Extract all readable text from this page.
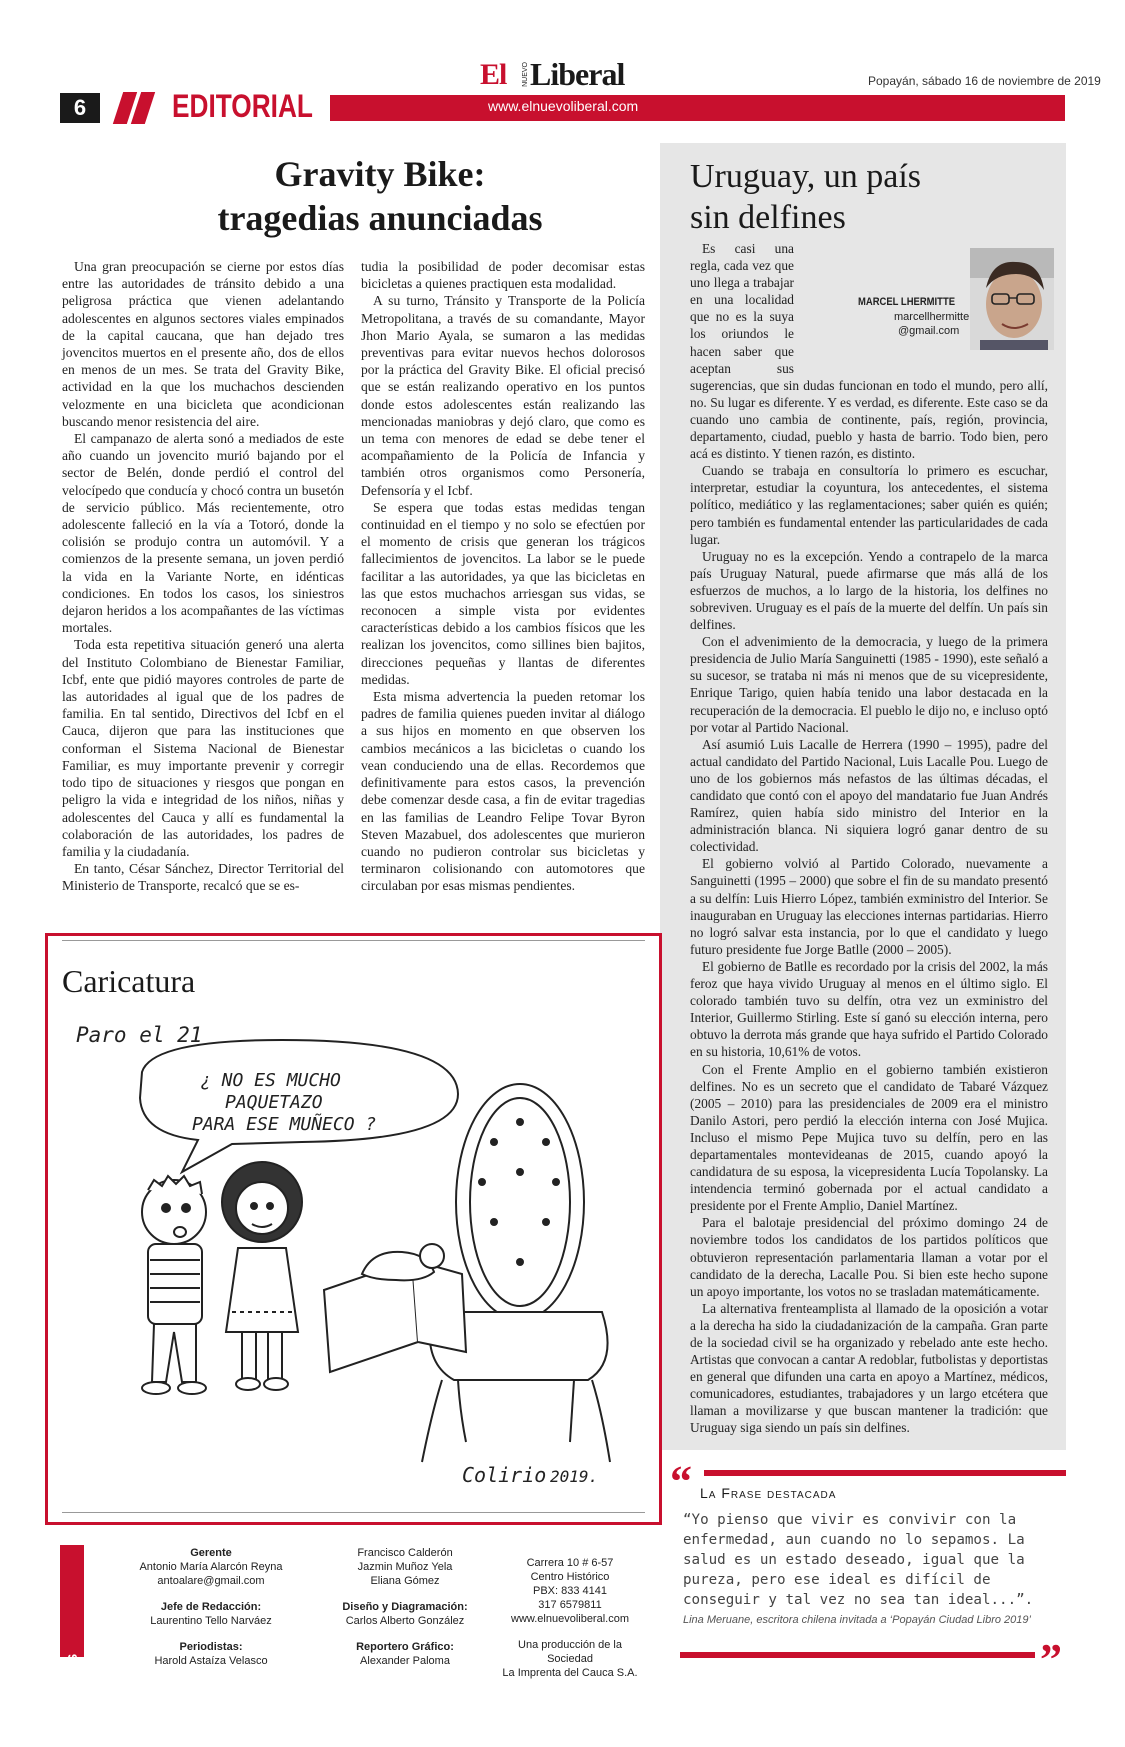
6	EDITORIAL
El NUEVO Liberal
www.elnuevoliberal.com
Popayán, sábado 16 de noviembre de 2019
Gravity Bike:
tragedias anunciadas

Una gran preocupación se cierne por estos días entre las autoridades de tránsito debido a una peligrosa práctica que vienen adelantando adolescentes en algunos sectores viales empinados de la capital caucana, que han dejado tres jovencitos muertos en el presente año, dos de ellos en menos de un mes. Se trata del Gravity Bike, actividad en la que los muchachos descienden velozmente en una bicicleta que acondicionan buscando menor resistencia del aire.

El campanazo de alerta sonó a mediados de este año cuando un jovencito murió bajando por el sector de Belén, donde perdió el control del velocípedo que conducía y chocó contra un busetón de servicio público. Más recientemente, otro adolescente falleció en la vía a Totoró, donde la colisión se produjo contra un automóvil. Y a comienzos de la presente semana, un joven perdió la vida en la Variante Norte, en idénticas condiciones. En todos los casos, los siniestros dejaron heridos a los acompañantes de las víctimas mortales.

Toda esta repetitiva situación generó una alerta del Instituto Colombiano de Bienestar Familiar, Icbf, ente que pidió mayores controles de parte de las autoridades al igual que de los padres de familia. En tal sentido, Directivos del Icbf en el Cauca, dijeron que para las instituciones que conforman el Sistema Nacional de Bienestar Familiar, es muy importante prevenir y corregir todo tipo de situaciones y riesgos que pongan en peligro la vida e integridad de los niños, niñas y adolescentes del Cauca y allí es fundamental la colaboración de las autoridades, los padres de familia y la ciudadanía.

En tanto, César Sánchez, Director Territorial del Ministerio de Transporte, recalcó que se es-

tudia la posibilidad de poder decomisar estas bicicletas a quienes practiquen esta modalidad.

A su turno, Tránsito y Transporte de la Policía Metropolitana, a través de su comandante, Mayor Jhon Mario Ayala, se sumaron a las medidas preventivas para evitar nuevos hechos dolorosos por la práctica del Gravity Bike. El oficial precisó que se están realizando operativo en los puntos donde estos adolescentes están realizando las mencionadas maniobras y dejó claro, que como es un tema con menores de edad se debe tener el acompañamiento de la Policía de Infancia y también otros organismos como Personería, Defensoría y el Icbf.

Se espera que todas estas medidas tengan continuidad en el tiempo y no solo se efectúen por el momento de crisis que generan los trágicos fallecimientos de jovencitos. La labor se le puede facilitar a las autoridades, ya que las bicicletas en las que estos muchachos arriesgan sus vidas, se reconocen a simple vista por evidentes características debido a los cambios físicos que les realizan los jovencitos, como sillines bien bajitos, direcciones pequeñas y llantas de diferentes medidas.

Esta misma advertencia la pueden retomar los padres de familia quienes pueden invitar al diálogo a sus hijos en momento en que observen los cambios mecánicos a las bicicletas o cuando los vean conduciendo una de ellas. Recordemos que definitivamente para estos casos, la prevención debe comenzar desde casa, a fin de evitar tragedias en las familias de Leandro Felipe Tovar Byron Steven Mazabuel, dos adolescentes que murieron cuando no pudieron controlar sus bicicletas y terminaron colisionando con automotores que circulaban por esas mismas pendientes.

Uruguay, un país
sin delfines

Es casi una regla, cada vez que uno llega a trabajar en una localidad que no es la suya los oriundos le hacen saber que aceptan sus sugerencias, que sin dudas funcionan en todo el mundo, pero allí, no. Su lugar es diferente. Y es verdad, es diferente. Este caso se da cuando uno cambia de continente, país, región, provincia, departamento, ciudad, pueblo y hasta de barrio. Todo bien, pero acá es distinto. Y tienen razón, es distinto.

Cuando se trabaja en consultoría lo primero es escuchar, interpretar, estudiar la coyuntura, los antecedentes, el sistema político, mediático y las reglamentaciones; saber quién es quién; pero también es fundamental entender las particularidades de cada lugar.

Uruguay no es la excepción. Yendo a contrapelo de la marca país Uruguay Natural, puede afirmarse que más allá de los esfuerzos de muchos, a lo largo de la historia, los delfines no sobreviven. Uruguay es el país de la muerte del delfín. Un país sin delfines.

Con el advenimiento de la democracia, y luego de la primera presidencia de Julio María Sanguinetti (1985 - 1990), este señaló a su sucesor, se trataba ni más ni menos que de su vicepresidente, Enrique Tarigo, quien había tenido una labor destacada en la recuperación de la democracia. El pueblo le dijo no, e incluso optó por votar al Partido Nacional.

Así asumió Luis Lacalle de Herrera (1990 – 1995), padre del actual candidato del Partido Nacional, Luis Lacalle Pou. Luego de uno de los gobiernos más nefastos de las últimas décadas, el candidato que contó con el apoyo del mandatario fue Juan Andrés Ramírez, quien había sido ministro del Interior en la administración blanca. Ni siquiera logró ganar dentro de su colectividad.

El gobierno volvió al Partido Colorado, nuevamente a Sanguinetti (1995 – 2000) que sobre el fin de su mandato presentó a su delfín: Luis Hierro López, también exministro del Interior. Se inauguraban en Uruguay las elecciones internas partidarias. Hierro no logró salvar esta instancia, por lo que el candidato y luego futuro presidente fue Jorge Batlle (2000 – 2005).

El gobierno de Batlle es recordado por la crisis del 2002, la más feroz que haya vivido Uruguay al menos en el último siglo. El colorado también tuvo su delfín, otra vez un exministro del Interior, Guillermo Stirling. Este sí ganó su elección interna, pero obtuvo la derrota más grande que haya sufrido el Partido Colorado en su historia, 10,61% de votos.

Con el Frente Amplio en el gobierno también existieron delfines. No es un secreto que el candidato de Tabaré Vázquez (2005 – 2010) para las presidenciales de 2009 era el ministro Danilo Astori, pero perdió la elección interna con José Mujica. Incluso el mismo Pepe Mujica tuvo su delfín, pero en las departamentales montevideanas de 2015, cuando apoyó la candidatura de su esposa, la vicepresidenta Lucía Topolansky. La intendencia terminó gobernada por el actual candidato a presidente por el Frente Amplio, Daniel Martínez.

Para el balotaje presidencial del próximo domingo 24 de noviembre todos los candidatos de los partidos políticos que obtuvieron representación parlamentaria llaman a votar por el candidato de la derecha, Lacalle Pou. Si bien este hecho supone un apoyo importante, los votos no se trasladan matemáticamente.

La alternativa frenteamplista al llamado de la oposición a votar a la derecha ha sido la ciudadanización de la campaña. Gran parte de la sociedad civil se ha organizado y rebelado ante este hecho. Artistas que convocan a cantar A redoblar, futbolistas y deportistas en general que difunden una carta en apoyo a Martínez, médicos, comunicadores, estudiantes, trabajadores y un largo etcétera que llaman a movilizarse y que buscan mantener la tradición: que Uruguay siga siendo un país sin delfines.

MARCEL LHERMITTE
marcellhermitte
@gmail.com
“ La Frase destacada
“Yo pienso que vivir es convivir con la enfermedad, aun cuando no lo sepamos. La salud es un estado deseado, igual que la pureza, pero ese ideal es difícil de conseguir y tal vez no sea tan ideal...”.
Lina Meruane, escritora chilena invitada a ‘Popayán Ciudad Libro 2019’
”
Caricatura
Paro el 21
¿ NO ES MUCHO
PAQUETAZO
PARA ESE MUÑECO ?
Colirio 2019.
NOSOTROS
Gerente
Antonio María Alarcón Reyna
antoalare@gmail.com
Jefe de Redacción:
Laurentino Tello Narváez
Periodistas:
Harold Astaíza Velasco
Francisco Calderón
Jazmin Muñoz Yela
Eliana Gómez
Diseño y Diagramación:
Carlos Alberto González
Reportero Gráfico:
Alexander Paloma
Carrera 10 # 6-57
Centro Histórico
PBX: 833 4141
317 6579811
www.elnuevoliberal.com
Una producción de la Sociedad
La Imprenta del Cauca S.A.
